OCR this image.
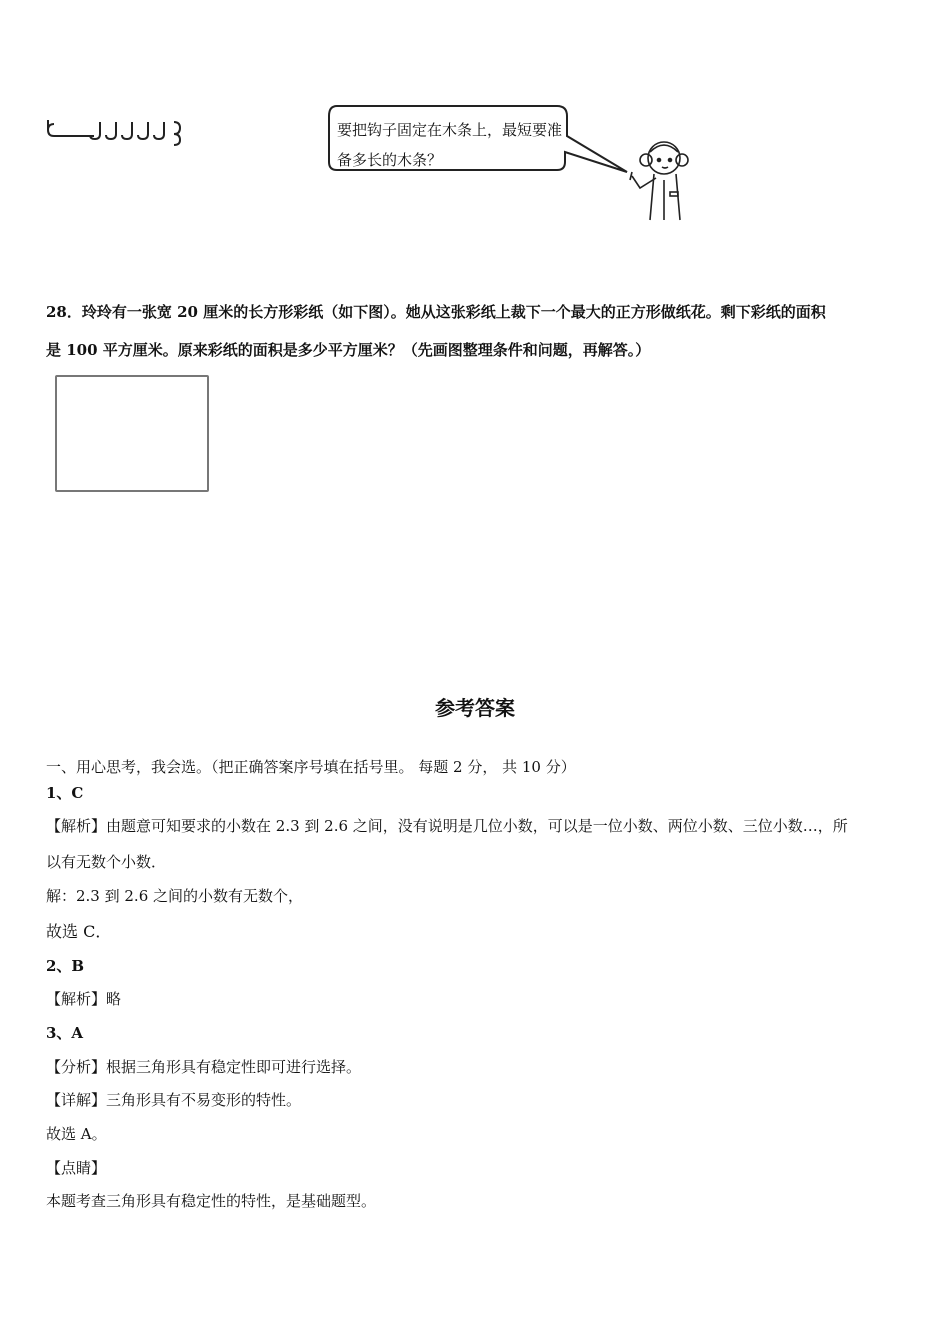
要把钩子固定在木条上，最短要准备多长的木条？
28．玲玲有一张宽 20 厘米的长方形彩纸（如下图）。她从这张彩纸上裁下一个最大的正方形做纸花。剩下彩纸的面积
是 100 平方厘米。原来彩纸的面积是多少平方厘米？（先画图整理条件和问题，再解答。）
参考答案
一、用心思考，我会选。（把正确答案序号填在括号里。 每题 2 分， 共 10 分）
1、C
【解析】由题意可知要求的小数在 2.3 到 2.6 之间，没有说明是几位小数，可以是一位小数、两位小数、三位小数…，所
以有无数个小数．
解：2.3 到 2.6 之间的小数有无数个，
故选 C．
2、B
【解析】略
3、A
【分析】根据三角形具有稳定性即可进行选择。
【详解】三角形具有不易变形的特性。
故选 A。
【点睛】
本题考查三角形具有稳定性的特性，是基础题型。
